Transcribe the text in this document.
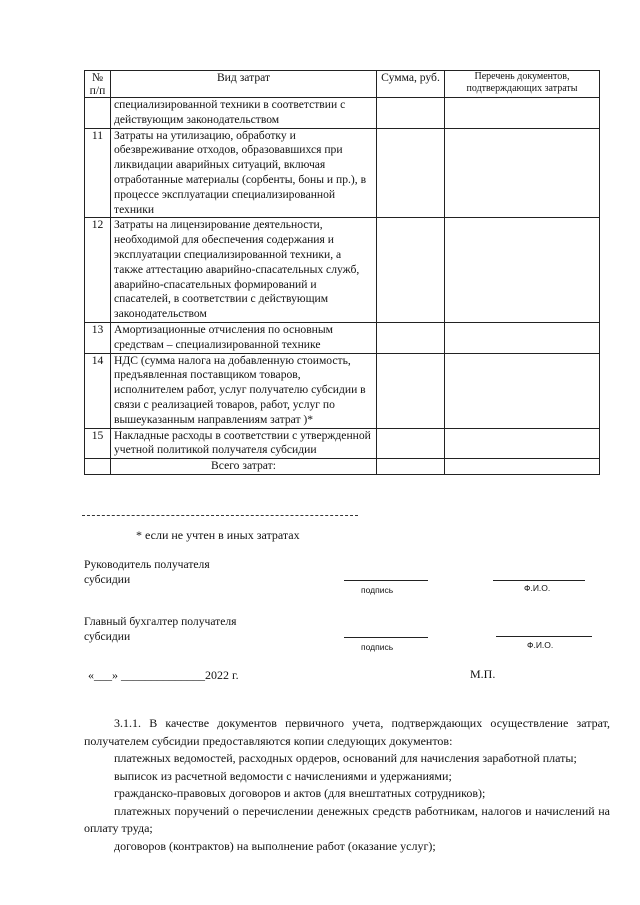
№ п/п	Вид затрат	Сумма, руб.	Перечень документов, подтверждающих затраты
	специализированной техники в соответствии с действующим законодательством		
11	Затраты на утилизацию, обработку и обезвреживание отходов, образовавшихся при ликвидации аварийных ситуаций, включая отработанные материалы (сорбенты, боны и пр.), в процессе эксплуатации специализированной техники		
12	Затраты на лицензирование деятельности, необходимой для обеспечения содержания и эксплуатации специализированной техники, а также аттестацию аварийно-спасательных служб, аварийно-спасательных формирований и спасателей, в соответствии с действующим законодательством		
13	Амортизационные отчисления по основным средствам – специализированной технике		
14	НДС (сумма налога на добавленную стоимость, предъявленная поставщиком товаров, исполнителем работ, услуг получателю субсидии в связи с реализацией товаров, работ, услуг по вышеуказанным направлениям затрат )*		
15	Накладные расходы в соответствии с утвержденной учетной политикой получателя субсидии		
	Всего затрат:		
* если не учтен в иных затратах
Руководитель получателя
субсидии
подпись	Ф.И.О.
Главный бухгалтер получателя
субсидии
подпись	Ф.И.О.
«___» ______________2022 г.	М.П.

3.1.1. В качестве документов первичного учета, подтверждающих осуществление затрат, получателем субсидии предоставляются копии следующих документов:

платежных ведомостей, расходных ордеров, оснований для начисления заработной платы;

выписок из расчетной ведомости с начислениями и удержаниями;

гражданско-правовых договоров и актов (для внештатных сотрудников);

платежных поручений о перечислении денежных средств работникам, налогов и начислений на оплату труда;

договоров (контрактов) на выполнение работ (оказание услуг);
